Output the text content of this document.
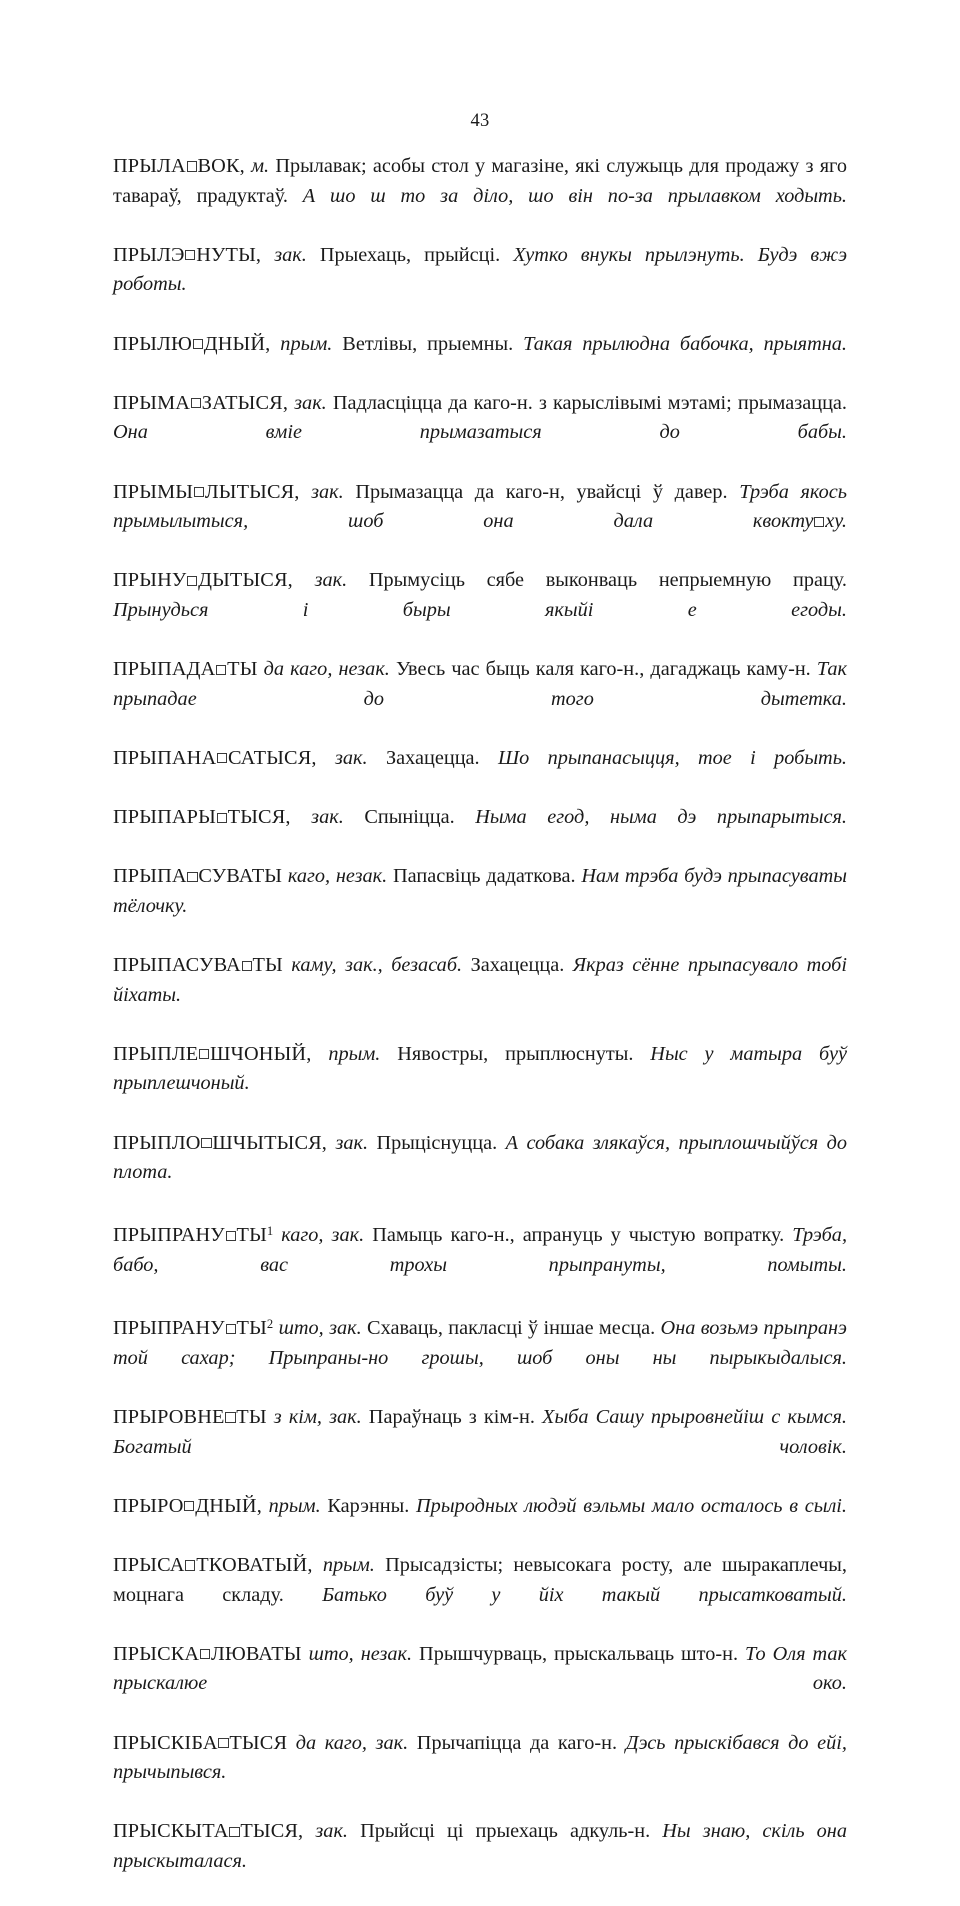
43

ПРЫЛА ВОК, м. Прылавак; асобы стол у магазіне, які служыць для продажу з яго тавараў, прадуктаў. А шо ш то за діло, шо він по-за прылавком ходыть.

ПРЫЛЭ НУТЫ, зак. Прыехаць, прыйсці. Хутко внукы прылэнуть. Будэ вжэ роботы.

ПРЫЛЮ ДНЫЙ, прым. Ветлівы, прыемны. Такая прылюдна бабочка, прыятна.

ПРЫМА ЗАТЫСЯ, зак. Падласціцца да каго-н. з карыслівымі мэтамі; прымазацца. Она вміе прымазатыся до бабы.

ПРЫМЫ ЛЫТЫСЯ, зак. Прымазацца да каго-н, увайсці ў давер. Трэба якось прымылытыся, шоб она дала квокту ху.

ПРЫНУ ДЫТЫСЯ, зак. Прымусіць сябе выконваць непрыемную працу. Прынудься і быры якыйі е егоды.

ПРЫПАДА ТЫ да каго, незак. Увесь час быць каля каго-н., дагаджаць каму-н. Так прыпадае до того дытетка.

ПРЫПАНА САТЫСЯ, зак. Захацецца. Шо прыпанасыцця, тое і робыть.

ПРЫПАРЫ ТЫСЯ, зак. Спыніцца. Ныма егод, ныма дэ прыпарытыся.

ПРЫПА СУВАТЫ каго, незак. Папасвіць дадаткова. Нам трэба будэ прыпасуваты тёлочку.

ПРЫПАСУВА ТЫ каму, зак., безасаб. Захацецца. Якраз сённе прыпасувало тобі йіхаты.

ПРЫПЛЕ ШЧОНЫЙ, прым. Нявостры, прыплюснуты. Ныс у матыра буў прыплешчоный.

ПРЫПЛО ШЧЫТЫСЯ, зак. Прыціснуцца. А собака злякаўся, прыплошчыйўся до плота.

ПРЫПРАНУ $ТЫ^1$ каго, зак. Памыць каго-н., апрануць у чыстую вопратку. Трэба, бабо, вас трохы прыпрануты, помыты.

ПРЫПРАНУ $ТЫ^2$ што, зак. Схаваць, пакласці ў іншае месца. Она возьмэ прыпранэ той сахар; Прыпраны-но грошы, шоб оны ны пырыкыдалыся.

ПРЫРОВНЕ ТЫ з кім, зак. Параўнаць з кім-н. Хыба Сашу прыровнейіш с кымся. Богатый чоловік.

ПРЫРО ДНЫЙ, прым. Карэнны. Прыродных людэй вэльмы мало осталось в сылі.

ПРЫСА ТКОВАТЫЙ, прым. Прысадзісты; невысокага росту, але шыракаплечы, моцнага складу. Батько буў у йіх такый прысатковатый.

ПРЫСКА ЛЮВАТЫ што, незак. Прышчурваць, прыскальваць што-н. То Оля так прыскалюе око.

ПРЫСКІБА ТЫСЯ да каго, зак. Прычапіцца да каго-н. Дэсь прыскібався до ейі, прычыпывся.

ПРЫСКЫТА ТЫСЯ, зак. Прыйсці ці прыехаць адкуль-н. Ны знаю, скіль она прыскыталася.
